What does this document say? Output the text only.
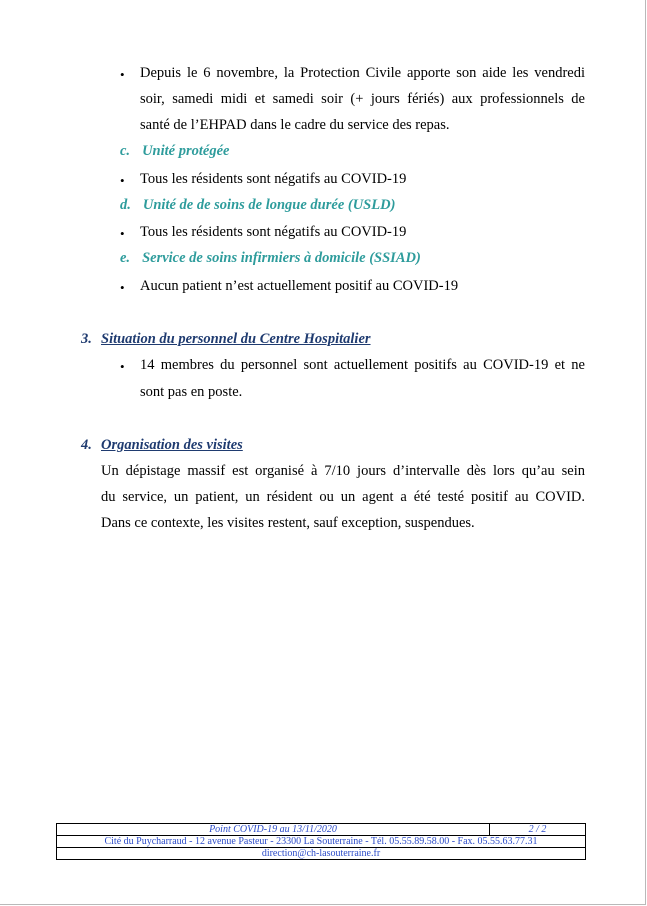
• Depuis le 6 novembre, la Protection Civile apporte son aide les vendredi
soir, samedi midi et samedi soir (+ jours fériés) aux professionnels de
santé de l’EHPAD dans le cadre du service des repas.
c. Unité protégée
• Tous les résidents sont négatifs au COVID-19
d. Unité de de soins de longue durée (USLD)
• Tous les résidents sont négatifs au COVID-19
e. Service de soins infirmiers à domicile (SSIAD)
• Aucun patient n’est actuellement positif au COVID-19
3. Situation du personnel du Centre Hospitalier
• 14 membres du personnel sont actuellement positifs au COVID-19 et ne
sont pas en poste.
4. Organisation des visites
Un dépistage massif est organisé à 7/10 jours d’intervalle dès lors qu’au sein
du service, un patient, un résident ou un agent a été testé positif au COVID.
Dans ce contexte, les visites restent, sauf exception, suspendues.
Point COVID-19 au 13/11/2020	2 / 2
Cité du Puycharraud - 12 avenue Pasteur - 23300 La Souterraine - Tél. 05.55.89.58.00 - Fax. 05.55.63.77.31
direction@ch-lasouterraine.fr
